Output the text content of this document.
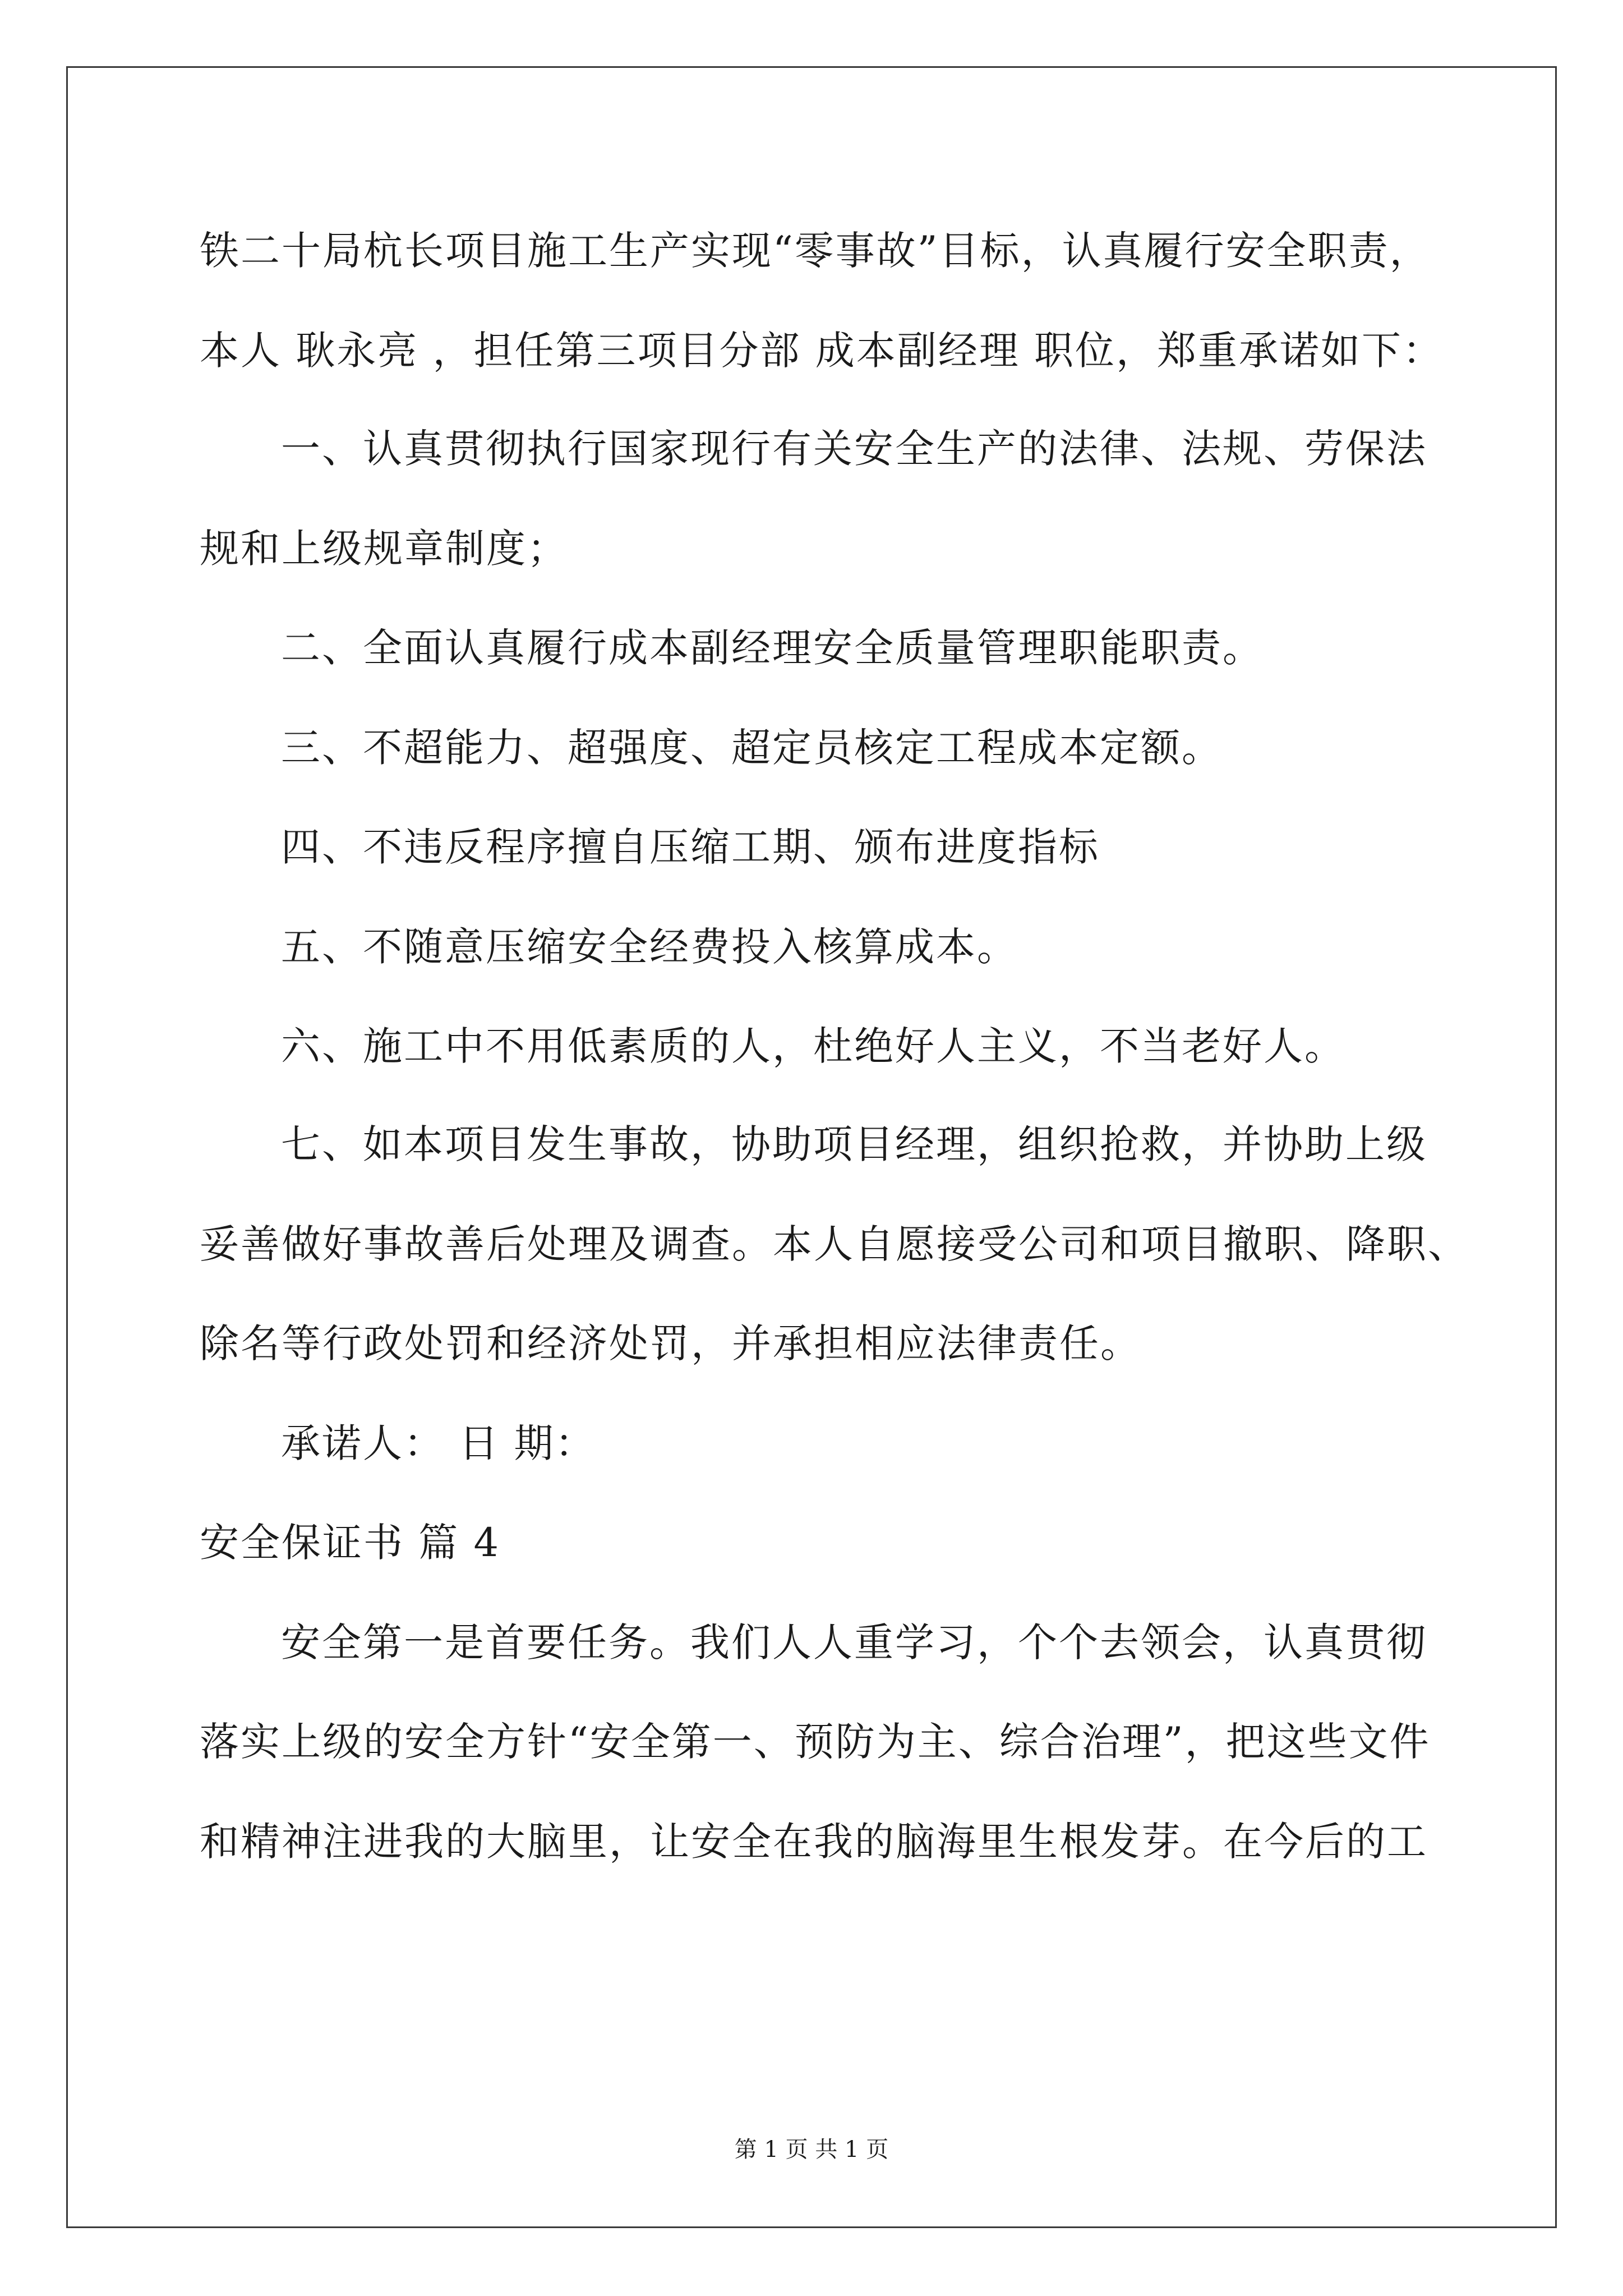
铁二十局杭长项目施工生产实现“零事故”目标，认真履行安全职责，
本人 耿永亮 ，担任第三项目分部 成本副经理 职位，郑重承诺如下：
一、认真贯彻执行国家现行有关安全生产的法律、法规、劳保法
规和上级规章制度；
二、全面认真履行成本副经理安全质量管理职能职责。
三、不超能力、超强度、超定员核定工程成本定额。
四、不违反程序擅自压缩工期、颁布进度指标
五、不随意压缩安全经费投入核算成本。
六、施工中不用低素质的人，杜绝好人主义，不当老好人。
七、如本项目发生事故，协助项目经理，组织抢救，并协助上级
妥善做好事故善后处理及调查。本人自愿接受公司和项目撤职、降职、
除名等行政处罚和经济处罚，并承担相应法律责任。
承诺人： 日 期：
安全保证书 篇 4
安全第一是首要任务。我们人人重学习，个个去领会，认真贯彻
落实上级的安全方针“安全第一、预防为主、综合治理”，把这些文件
和精神注进我的大脑里，让安全在我的脑海里生根发芽。在今后的工
第 1 页 共 1 页
